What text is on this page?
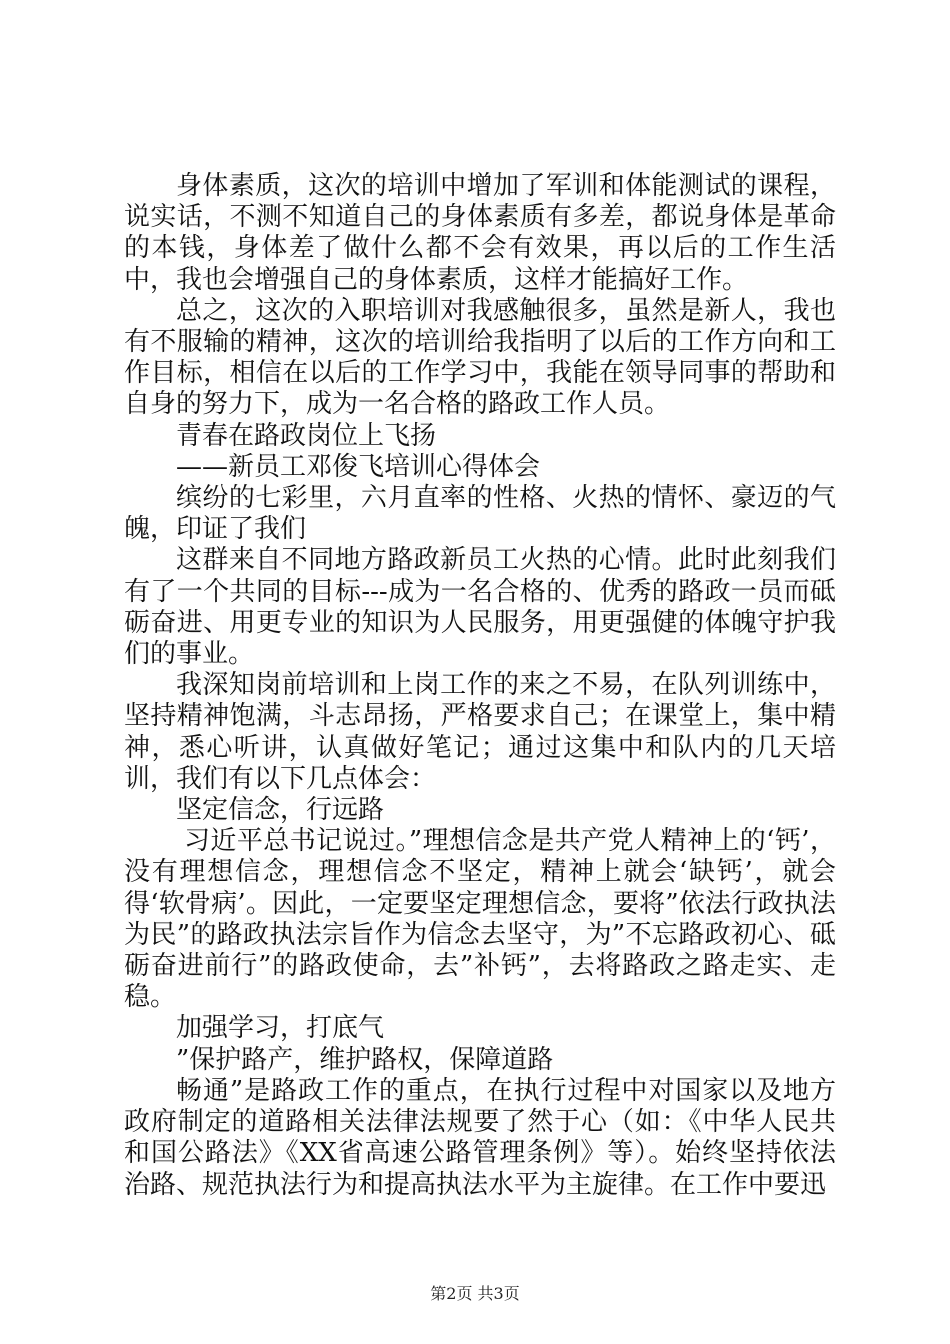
身体素质，这次的培训中增加了军训和体能测试的课程，说实话，不测不知道自己的身体素质有多差，都说身体是革命的本钱，身体差了做什么都不会有效果，再以后的工作生活中，我也会增强自己的身体素质，这样才能搞好工作。

总之，这次的入职培训对我感触很多，虽然是新人，我也有不服输的精神，这次的培训给我指明了以后的工作方向和工作目标，相信在以后的工作学习中，我能在领导同事的帮助和自身的努力下，成为一名合格的路政工作人员。

青春在路政岗位上飞扬

——新员工邓俊飞培训心得体会

缤纷的七彩里，六月直率的性格、火热的情怀、豪迈的气魄，印证了我们

这群来自不同地方路政新员工火热的心情。此时此刻我们有了一个共同的目标---成为一名合格的、优秀的路政一员而砥砺奋进、用更专业的知识为人民服务，用更强健的体魄守护我们的事业。

我深知岗前培训和上岗工作的来之不易，在队列训练中，坚持精神饱满，斗志昂扬，严格要求自己；在课堂上，集中精神，悉心听讲，认真做好笔记；通过这集中和队内的几天培训，我们有以下几点体会：

坚定信念，行远路

习近平总书记说过。”理想信念是共产党人精神上的‘钙’，没有理想信念，理想信念不坚定，精神上就会‘缺钙’，就会得‘软骨病’。因此，一定要坚定理想信念，要将”依法行政执法为民”的路政执法宗旨作为信念去坚守，为”不忘路政初心、砥砺奋进前行”的路政使命，去”补钙”，去将路政之路走实、走稳。

加强学习，打底气

”保护路产，维护路权，保障道路

畅通”是路政工作的重点，在执行过程中对国家以及地方政府制定的道路相关法律法规要了然于心（如：《中华人民共和国公路法》《XX省高速公路管理条例》等）。始终坚持依法治路、规范执法行为和提高执法水平为主旋律。在工作中要迅

第2页 共3页
